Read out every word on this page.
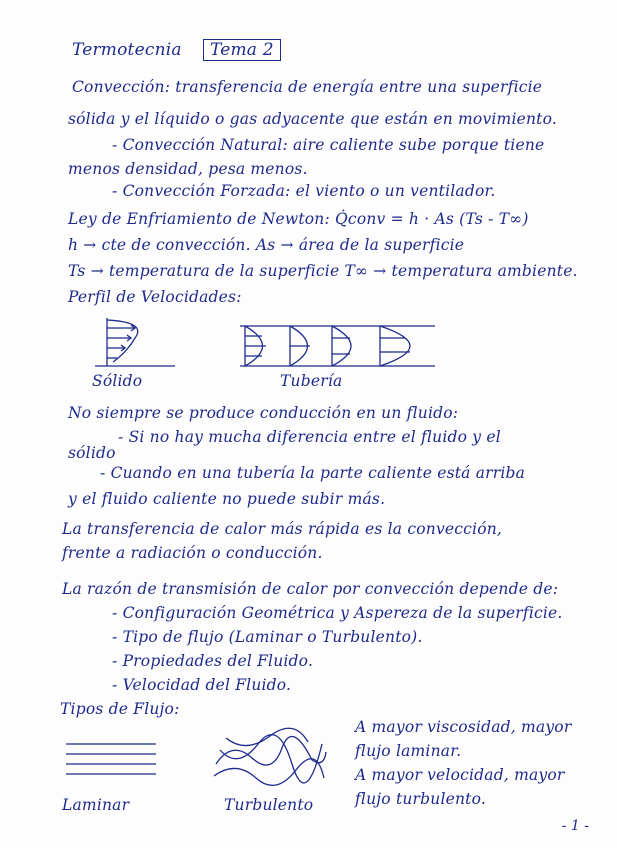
Termotecnia	Tema 2
Convección: transferencia de energía entre una superficie
sólida y el líquido o gas adyacente que están en movimiento.
- Convección Natural: aire caliente sube porque tiene
menos densidad, pesa menos.
- Convección Forzada: el viento o un ventilador.
Ley de Enfriamiento de Newton: Q̇conv = h · As (Ts - T∞)
h → cte de convección. As → área de la superficie
Ts → temperatura de la superficie T∞ → temperatura ambiente.
Perfil de Velocidades:
Sólido	Tubería
No siempre se produce conducción en un fluido:
- Si no hay mucha diferencia entre el fluido y el
sólido
- Cuando en una tubería la parte caliente está arriba
y el fluido caliente no puede subir más.
La transferencia de calor más rápida es la convección,
frente a radiación o conducción.
La razón de transmisión de calor por convección depende de:
- Configuración Geométrica y Aspereza de la superficie.
- Tipo de flujo (Laminar o Turbulento).
- Propiedades del Fluido.
- Velocidad del Fluido.
Tipos de Flujo:
Laminar	Turbulento
A mayor viscosidad, mayor
flujo laminar.
A mayor velocidad, mayor
flujo turbulento.
- 1 -
